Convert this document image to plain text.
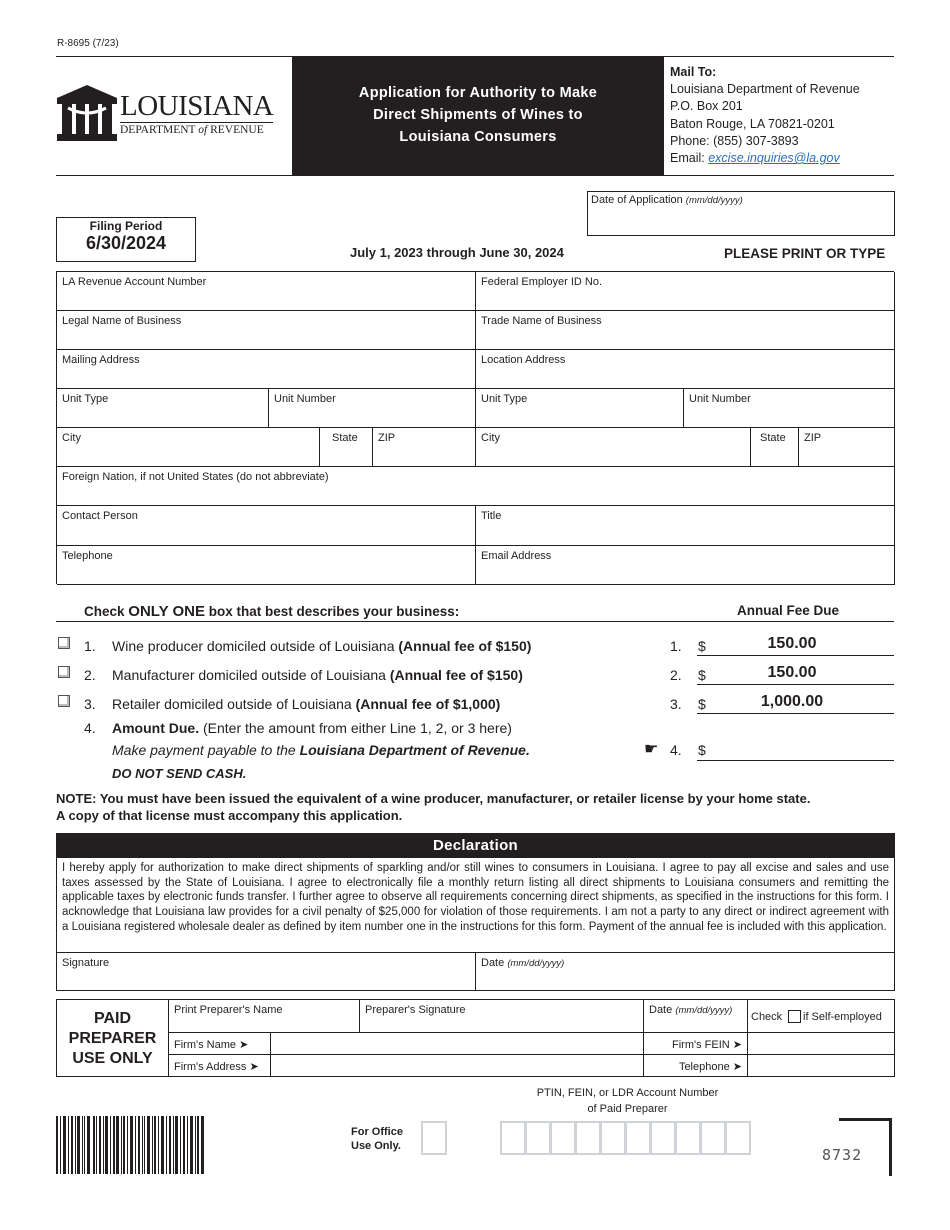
R-8695 (7/23)
LOUISIANA
DEPARTMENT of REVENUE
Application for Authority to Make
Direct Shipments of Wines to
Louisiana Consumers
Mail To:
Louisiana Department of Revenue
P.O. Box 201
Baton Rouge, LA 70821-0201
Phone: (855) 307-3893
Email: excise.inquiries@la.gov
Date of Application (mm/dd/yyyy)
Filing Period
6/30/2024	July 1, 2023 through June 30, 2024	PLEASE PRINT OR TYPE
LA Revenue Account Number	Federal Employer ID No.
Legal Name of Business	Trade Name of Business
Mailing Address	Location Address
Unit Type	Unit Number	Unit Type	Unit Number
City	State ZIP	City	State ZIP
Foreign Nation, if not United States (do not abbreviate)
Contact Person	Title
Telephone	Email Address
Check ONLY ONE box that best describes your business:	Annual Fee Due
1. Wine producer domiciled outside of Louisiana (Annual fee of $150)	1. $	150.00
2. Manufacturer domiciled outside of Louisiana (Annual fee of $150)	2. $	150.00
3. Retailer domiciled outside of Louisiana (Annual fee of $1,000)	3. $	1,000.00
4. Amount Due. (Enter the amount from either Line 1, 2, or 3 here)
Make payment payable to the Louisiana Department of Revenue.
DO NOT SEND CASH.
☛ 4. $
NOTE: You must have been issued the equivalent of a wine producer, manufacturer, or retailer license by your home state.
A copy of that license must accompany this application.
Declaration
I hereby apply for authorization to make direct shipments of sparkling and/or still wines to consumers in Louisiana. I agree to pay all excise and sales and use taxes assessed by the State of Louisiana. I agree to electronically file a monthly return listing all direct shipments to Louisiana consumers and remitting the applicable taxes by electronic funds transfer. I further agree to observe all requirements concerning direct shipments, as specified in the instructions for this form. I acknowledge that Louisiana law provides for a civil penalty of $25,000 for violation of those requirements. I am not a party to any direct or indirect agreement with a Louisiana registered wholesale dealer as defined by item number one in the instructions for this form. Payment of the annual fee is included with this application.
Signature	Date (mm/dd/yyyy)
PAID
PREPARER
USE ONLY
Print Preparer's Name	Preparer's Signature	Date (mm/dd/yyyy)
Check if Self-employed
Firm's Name ➤	Firm's FEIN ➤
Firm's Address ➤	Telephone ➤
PTIN, FEIN, or LDR Account Number
of Paid Preparer
For Office
Use Only.	8732
